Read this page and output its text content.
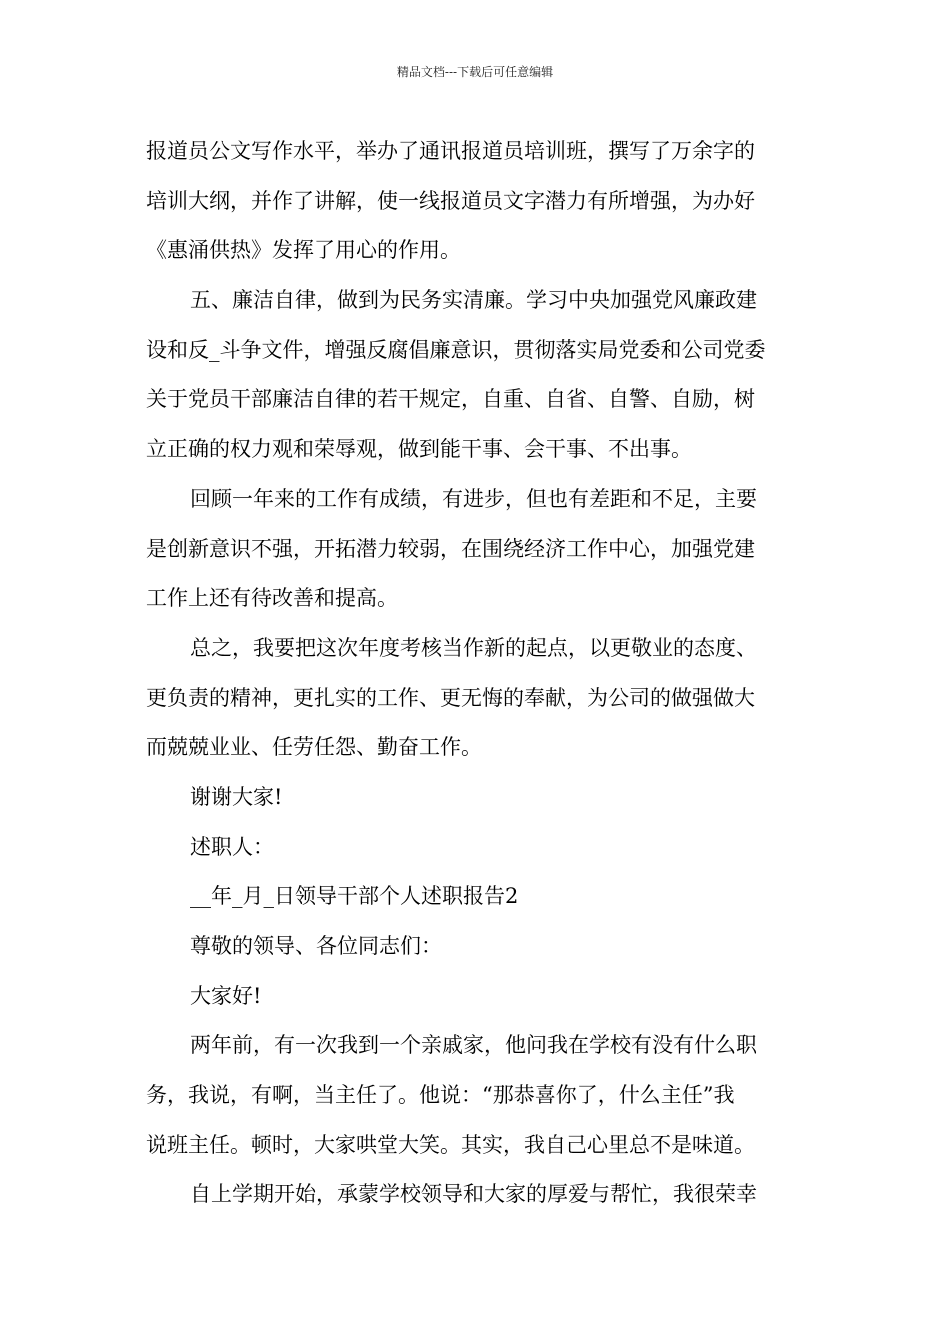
精品文档---下载后可任意编辑
报道员公文写作水平，举办了通讯报道员培训班，撰写了万余字的
培训大纲，并作了讲解，使一线报道员文字潜力有所增强，为办好
《惠涌供热》发挥了用心的作用。
五、廉洁自律，做到为民务实清廉。学习中央加强党风廉政建
设和反_斗争文件，增强反腐倡廉意识，贯彻落实局党委和公司党委
关于党员干部廉洁自律的若干规定，自重、自省、自警、自励，树
立正确的权力观和荣辱观，做到能干事、会干事、不出事。
回顾一年来的工作有成绩，有进步，但也有差距和不足，主要
是创新意识不强，开拓潜力较弱，在围绕经济工作中心，加强党建
工作上还有待改善和提高。
总之，我要把这次年度考核当作新的起点，以更敬业的态度、
更负责的精神，更扎实的工作、更无悔的奉献，为公司的做强做大
而兢兢业业、任劳任怨、勤奋工作。
谢谢大家!
述职人：
__年_月_日领导干部个人述职报告2
尊敬的领导、各位同志们：
大家好!
两年前，有一次我到一个亲戚家，他问我在学校有没有什么职
务，我说，有啊，当主任了。他说：“那恭喜你了，什么主任”我
说班主任。顿时，大家哄堂大笑。其实，我自己心里总不是味道。
自上学期开始，承蒙学校领导和大家的厚爱与帮忙，我很荣幸
